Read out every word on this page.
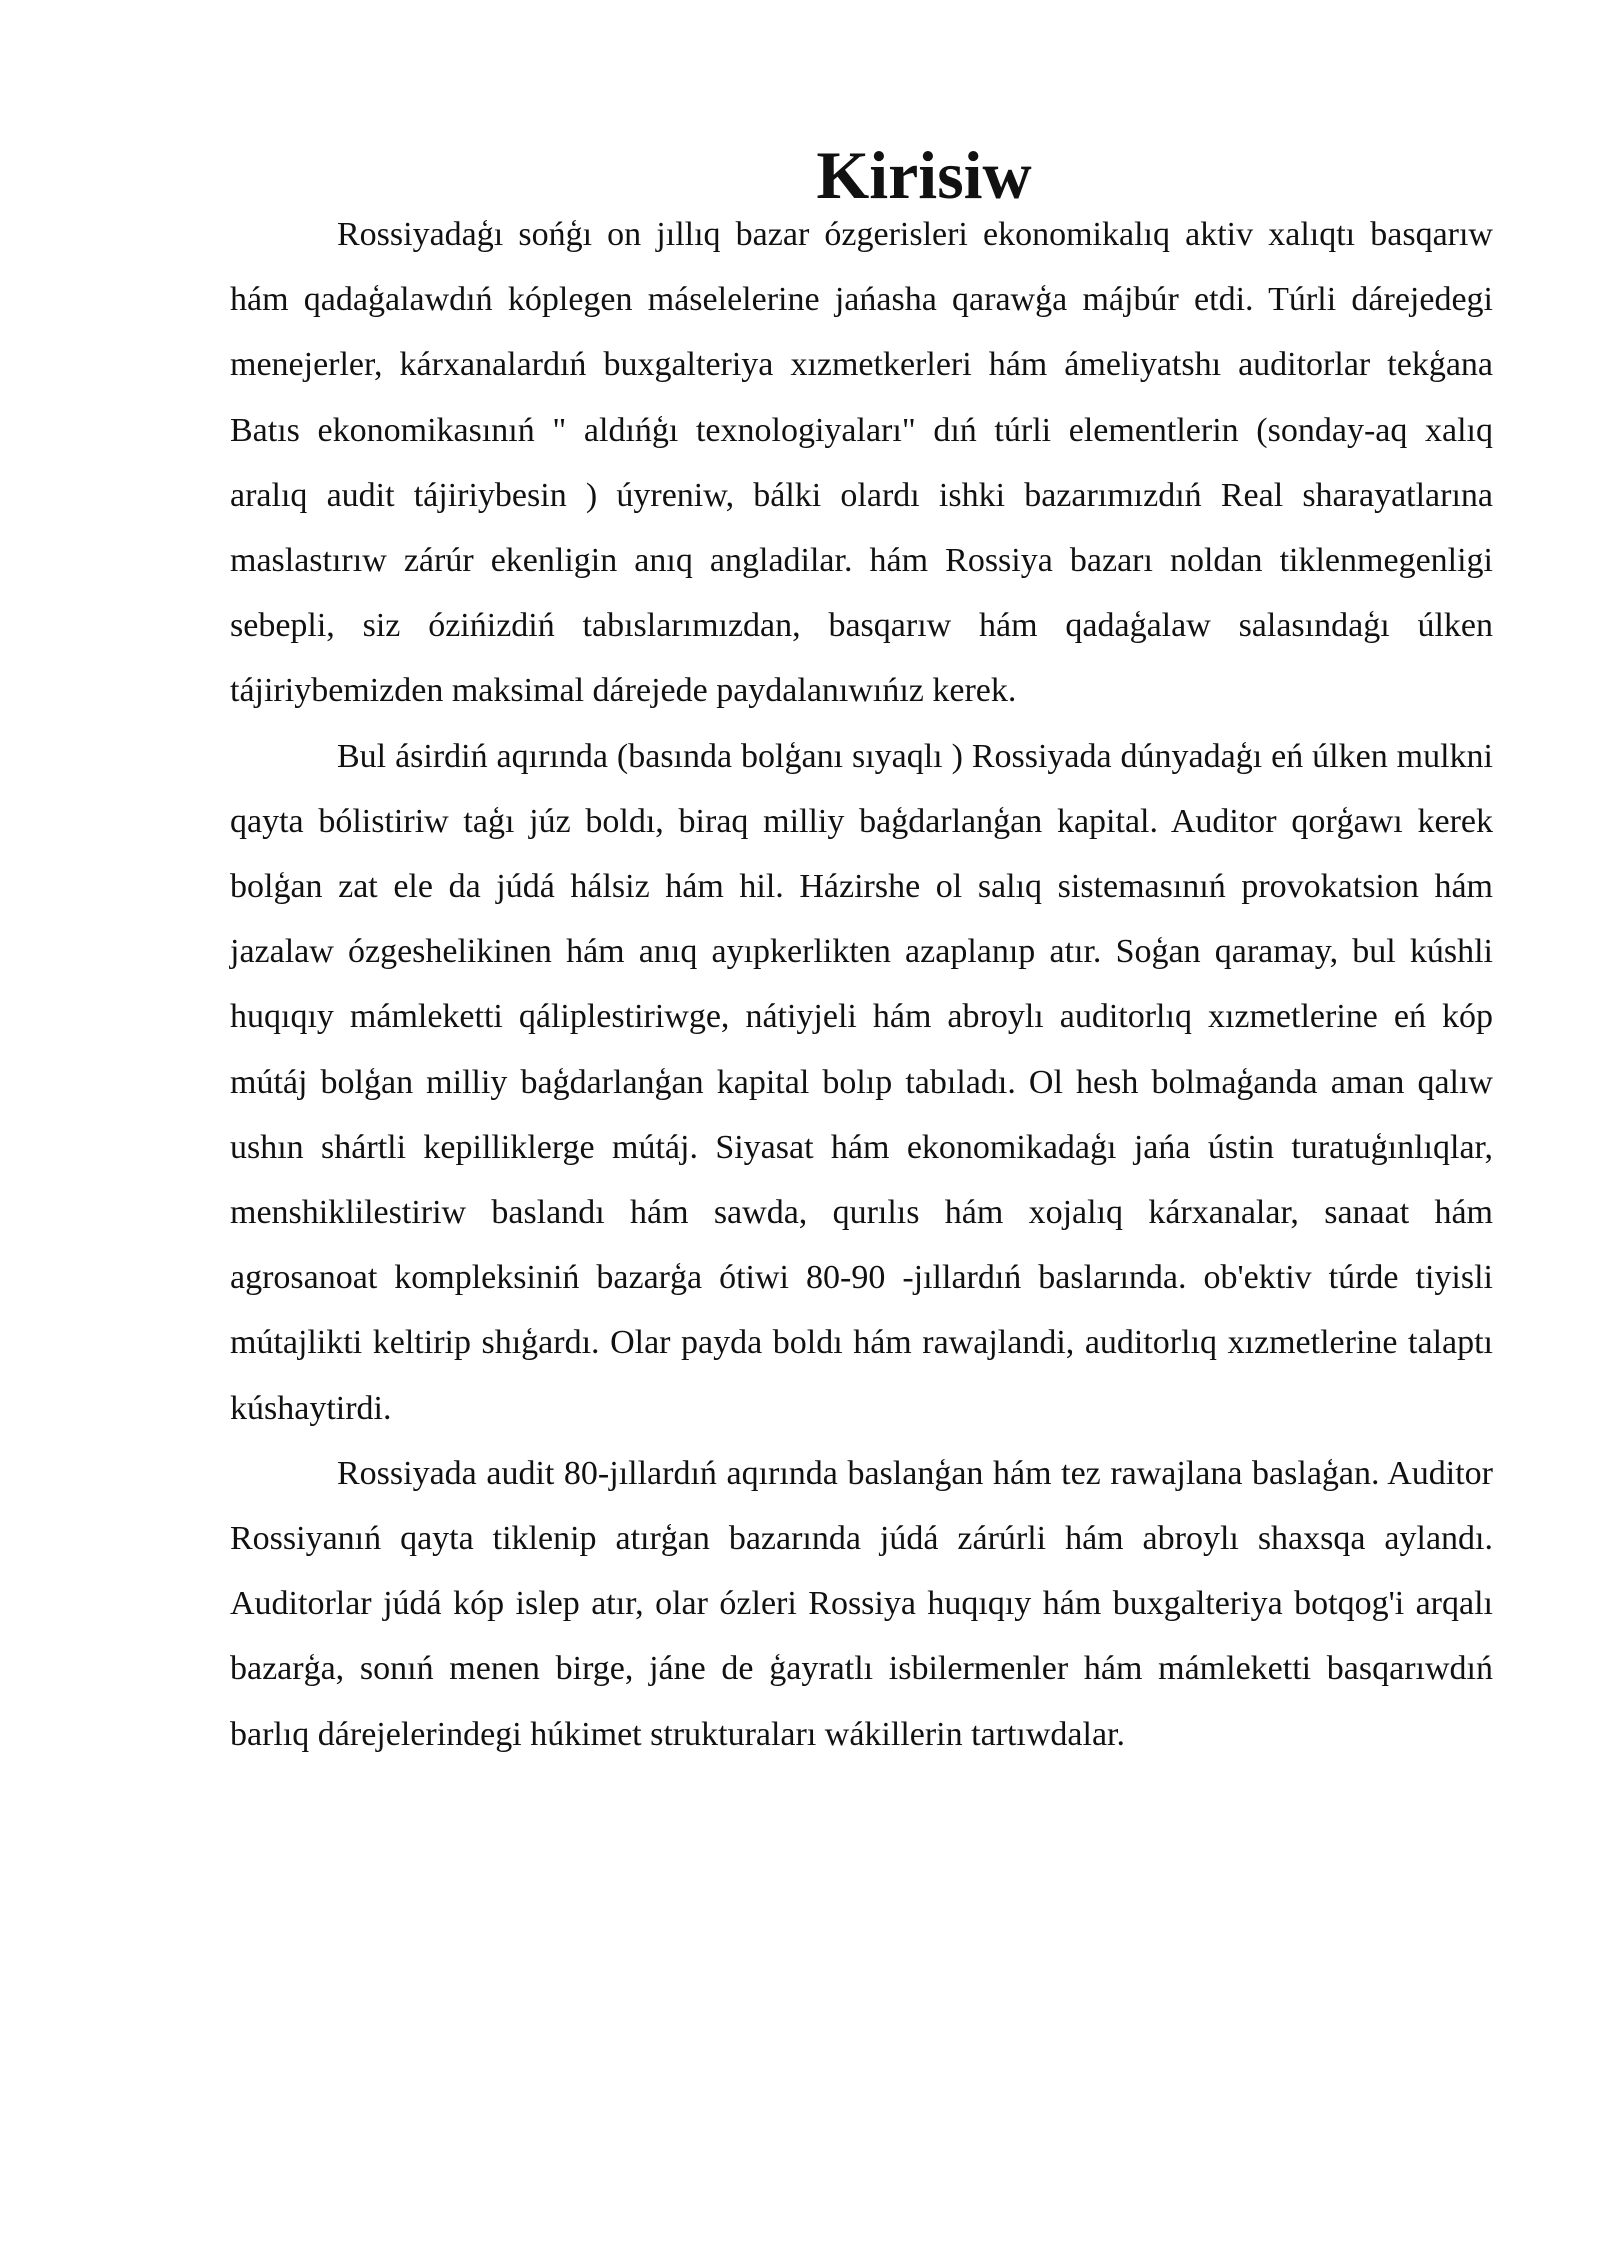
Kirisiw

Rossiyadaģı sońģı on jıllıq bazar ózgerisleri ekonomikalıq aktiv xalıqtı basqarıw hám qadaģalawdıń kóplegen máselelerine jańasha qarawģa májbúr etdi. Túrli dárejedegi menejerler, kárxanalardıń buxgalteriya xızmetkerleri hám ámeliyatshı auditorlar tekģana Batıs ekonomikasınıń " aldıńģı texnologiyaları" dıń túrli elementlerin (sonday-aq xalıq aralıq audit tájiriybesin ) úyreniw, bálki olardı ishki bazarımızdıń Real sharayatlarına maslastırıw zárúr ekenligin anıq angladilar. hám Rossiya bazarı noldan tiklenmegenligi sebepli, siz ózińizdiń tabıslarımızdan, basqarıw hám qadaģalaw salasındaģı úlken tájiriybemizden maksimal dárejede paydalanıwıńız kerek.

Bul ásirdiń aqırında (basında bolģanı sıyaqlı ) Rossiyada dúnyadaģı eń úlken mulkni qayta bólistiriw taģı júz boldı, biraq milliy baģdarlanģan kapital. Auditor qorģawı kerek bolģan zat ele da júdá hálsiz hám hil. Házirshe ol salıq sistemasınıń provokatsion hám jazalaw ózgeshelikinen hám anıq ayıpkerlikten azaplanıp atır. Soģan qaramay, bul kúshli huqıqıy mámleketti qáliplestiriwge, nátiyjeli hám abroylı auditorlıq xızmetlerine eń kóp mútáj bolģan milliy baģdarlanģan kapital bolıp tabıladı. Ol hesh bolmaģanda aman qalıw ushın shártli kepilliklerge mútáj. Siyasat hám ekonomikadaģı jańa ústin turatuģınlıqlar, menshiklilestiriw baslandı hám sawda, qurılıs hám xojalıq kárxanalar, sanaat hám agrosanoat kompleksiniń bazarģa ótiwi 80-90 -jıllardıń baslarında. ob'ektiv túrde tiyisli mútajlikti keltirip shıģardı. Olar payda boldı hám rawajlandi, auditorlıq xızmetlerine talaptı kúshaytirdi.

Rossiyada audit 80-jıllardıń aqırında baslanģan hám tez rawajlana baslaģan. Auditor Rossiyanıń qayta tiklenip atırģan bazarında júdá zárúrli hám abroylı shaxsqa aylandı. Auditorlar júdá kóp islep atır, olar ózleri Rossiya huqıqıy hám buxgalteriya botqog'i arqalı bazarģa, sonıń menen birge, jáne de ģayratlı isbilermenler hám mámleketti basqarıwdıń barlıq dárejelerindegi húkimet strukturaları wákillerin tartıwdalar.
